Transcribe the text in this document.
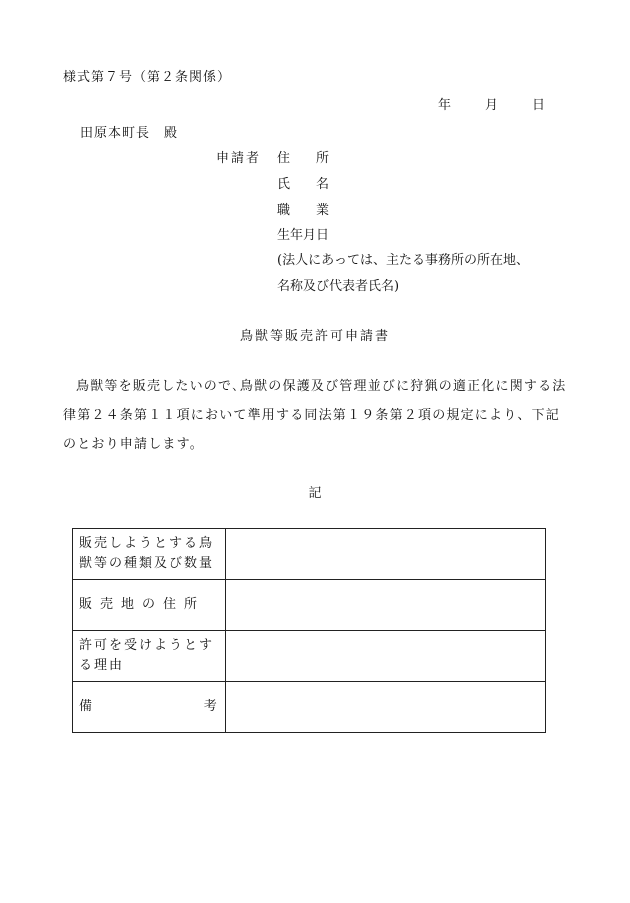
様式第７号（第２条関係）
年	月	日
田原本町長　殿
申請者 住　　所
氏　　名
職　　業
生年月日
(法人にあっては、主たる事務所の所在地、
名称及び代表者氏名)
鳥獣等販売許可申請書
鳥獣等を販売したいので､鳥獣の保護及び管理並びに狩猟の適正化に関する法律第２４条第１１項において準用する同法第１９条第２項の規定により、下記のとおり申請します。
記
販売しようとする鳥獣等の種類及び数量	
販売地の住所	
許可を受けようとする理由	

備 考	
